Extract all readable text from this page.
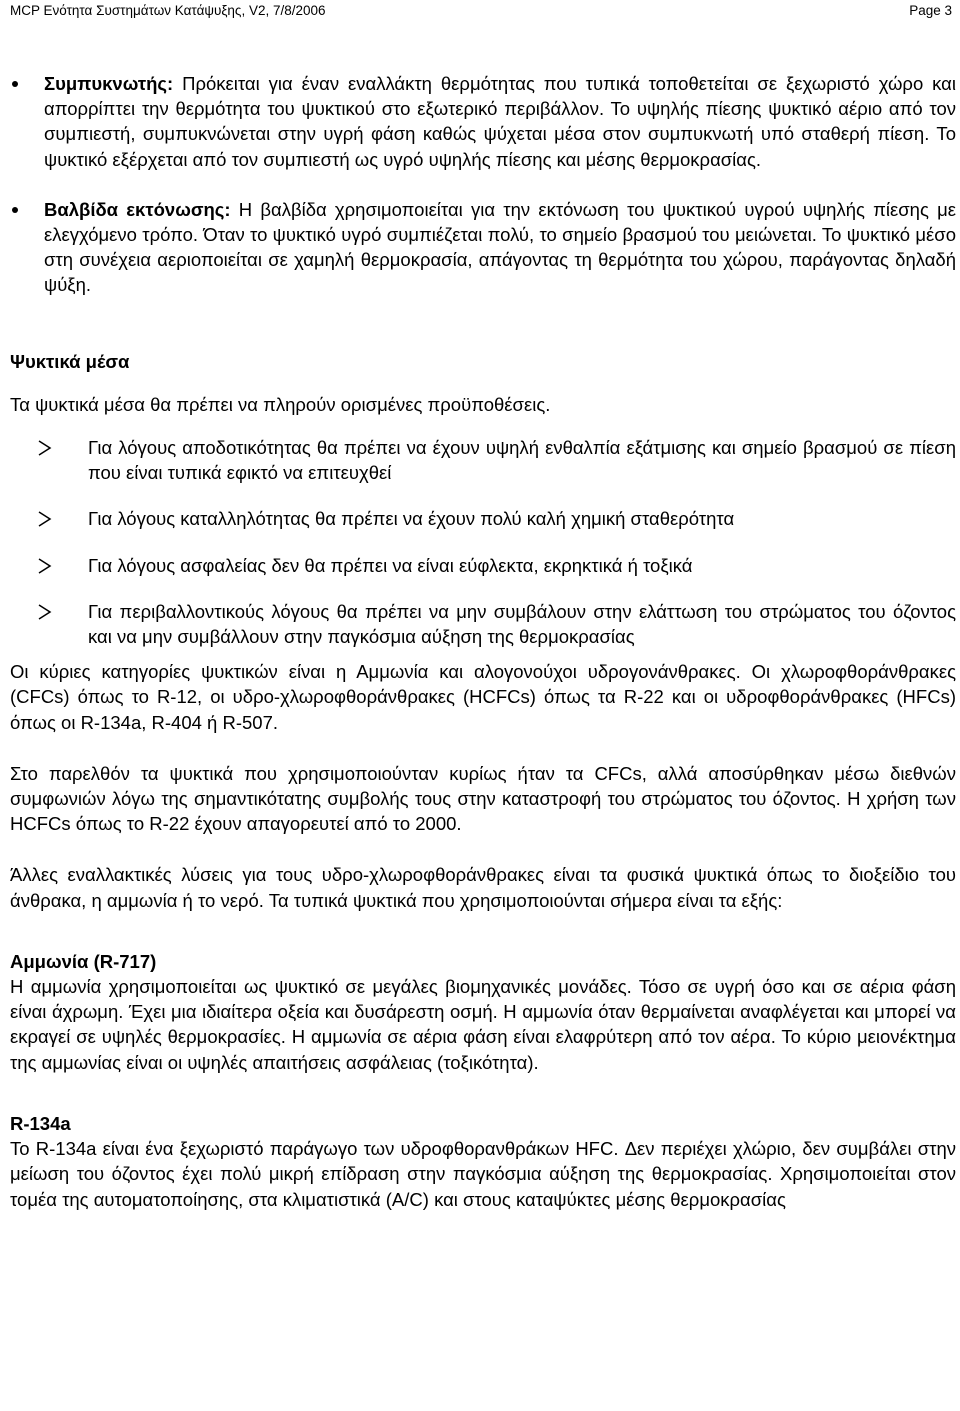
MCP Ενότητα Συστημάτων Κατάψυξης, V2, 7/8/2006	Page 3
Συμπυκνωτής: Πρόκειται για έναν εναλλάκτη θερμότητας που τυπικά τοποθετείται σε ξεχωριστό χώρο και απορρίπτει την θερμότητα του ψυκτικού στο εξωτερικό περιβάλλον. Το υψηλής πίεσης ψυκτικό αέριο από τον συμπιεστή, συμπυκνώνεται στην υγρή φάση καθώς ψύχεται μέσα στον συμπυκνωτή υπό σταθερή πίεση. Το ψυκτικό εξέρχεται από τον συμπιεστή ως υγρό υψηλής πίεσης και μέσης θερμοκρασίας.
Βαλβίδα εκτόνωσης: Η βαλβίδα χρησιμοποιείται για την εκτόνωση του ψυκτικού υγρού υψηλής πίεσης με ελεγχόμενο τρόπο. Όταν το ψυκτικό υγρό συμπιέζεται πολύ, το σημείο βρασμού του μειώνεται. Το ψυκτικό μέσο στη συνέχεια αεριοποιείται σε χαμηλή θερμοκρασία, απάγοντας τη θερμότητα του χώρου, παράγοντας δηλαδή ψύξη.

Ψυκτικά μέσα

Τα ψυκτικά μέσα θα πρέπει να πληρούν ορισμένες προϋποθέσεις.

Για λόγους αποδοτικότητας θα πρέπει να έχουν υψηλή ενθαλπία εξάτμισης και σημείο βρασμού σε πίεση που είναι τυπικά εφικτό να επιτευχθεί
Για λόγους καταλληλότητας θα πρέπει να έχουν πολύ καλή χημική σταθερότητα
Για λόγους ασφαλείας δεν θα πρέπει να είναι εύφλεκτα, εκρηκτικά ή τοξικά
Για περιβαλλοντικούς λόγους θα πρέπει να μην συμβάλουν στην ελάττωση του στρώματος του όζοντος και να μην συμβάλλουν στην παγκόσμια αύξηση της θερμοκρασίας

Οι κύριες κατηγορίες ψυκτικών είναι η Αμμωνία και αλογονούχοι υδρογονάνθρακες. Οι χλωροφθοράνθρακες (CFCs) όπως το R-12, οι υδρο-χλωροφθοράνθρακες (HCFCs) όπως τα R-22 και οι υδροφθοράνθρακες (HFCs) όπως οι R-134a, R-404 ή R-507.

Στο παρελθόν τα ψυκτικά που χρησιμοποιούνταν κυρίως ήταν τα CFCs, αλλά αποσύρθηκαν μέσω διεθνών συμφωνιών λόγω της σημαντικότατης συμβολής τους στην καταστροφή του στρώματος του όζοντος. Η χρήση των HCFCs όπως το R-22 έχουν απαγορευτεί από το 2000.

Άλλες εναλλακτικές λύσεις για τους υδρο-χλωροφθοράνθρακες είναι τα φυσικά ψυκτικά όπως το διοξείδιο του άνθρακα, η αμμωνία ή το νερό. Τα τυπικά ψυκτικά που χρησιμοποιούνται σήμερα είναι τα εξής:

Αμμωνία (R-717)

Η αμμωνία χρησιμοποιείται ως ψυκτικό σε μεγάλες βιομηχανικές μονάδες. Τόσο σε υγρή όσο και σε αέρια φάση είναι άχρωμη. Έχει μια ιδιαίτερα οξεία και δυσάρεστη οσμή. Η αμμωνία όταν θερμαίνεται αναφλέγεται και μπορεί να εκραγεί σε υψηλές θερμοκρασίες. Η αμμωνία σε αέρια φάση είναι ελαφρύτερη από τον αέρα. Το κύριο μειονέκτημα της αμμωνίας είναι οι υψηλές απαιτήσεις ασφάλειας (τοξικότητα).

R-134a

Το R-134a είναι ένα ξεχωριστό παράγωγο των υδροφθορανθράκων HFC. Δεν περιέχει χλώριο, δεν συμβάλει στην μείωση του όζοντος έχει πολύ μικρή επίδραση στην παγκόσμια αύξηση της θερμοκρασίας. Χρησιμοποιείται στον τομέα της αυτοματοποίησης, στα κλιματιστικά (A/C) και στους καταψύκτες μέσης θερμοκρασίας
